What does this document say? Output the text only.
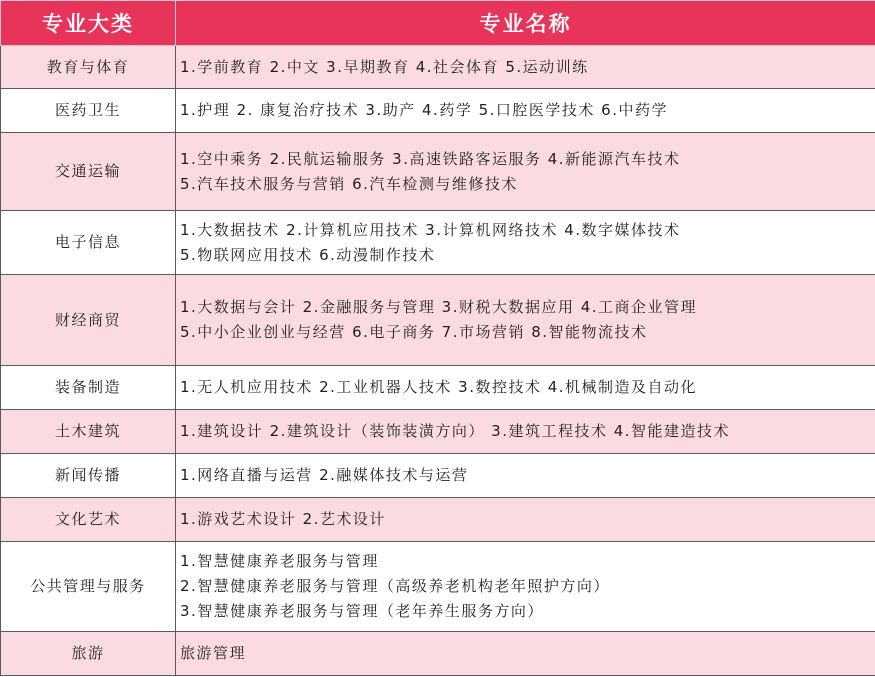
专业大类	专业名称
教育与体育	1.学前教育 2.中文 3.早期教育 4.社会体育 5.运动训练

医药卫生	1.护理 2. 康复治疗技术 3.助产 4.药学 5.口腔医学技术 6.中药学

交通运输	1.空中乘务 2.民航运输服务 3.高速铁路客运服务 4.新能源汽车技术
5.汽车技术服务与营销 6.汽车检测与维修技术

电子信息	1.大数据技术 2.计算机应用技术 3.计算机网络技术 4.数字媒体技术
5.物联网应用技术 6.动漫制作技术

财经商贸	1.大数据与会计 2.金融服务与管理 3.财税大数据应用 4.工商企业管理
5.中小企业创业与经营 6.电子商务 7.市场营销 8.智能物流技术

装备制造	1.无人机应用技术 2.工业机器人技术 3.数控技术 4.机械制造及自动化

土木建筑	1.建筑设计 2.建筑设计（装饰装潢方向） 3.建筑工程技术 4.智能建造技术

新闻传播	1.网络直播与运营 2.融媒体技术与运营

文化艺术	1.游戏艺术设计 2.艺术设计

公共管理与服务	1.智慧健康养老服务与管理
2.智慧健康养老服务与管理（高级养老机构老年照护方向）
3.智慧健康养老服务与管理（老年养生服务方向）

旅游	旅游管理
